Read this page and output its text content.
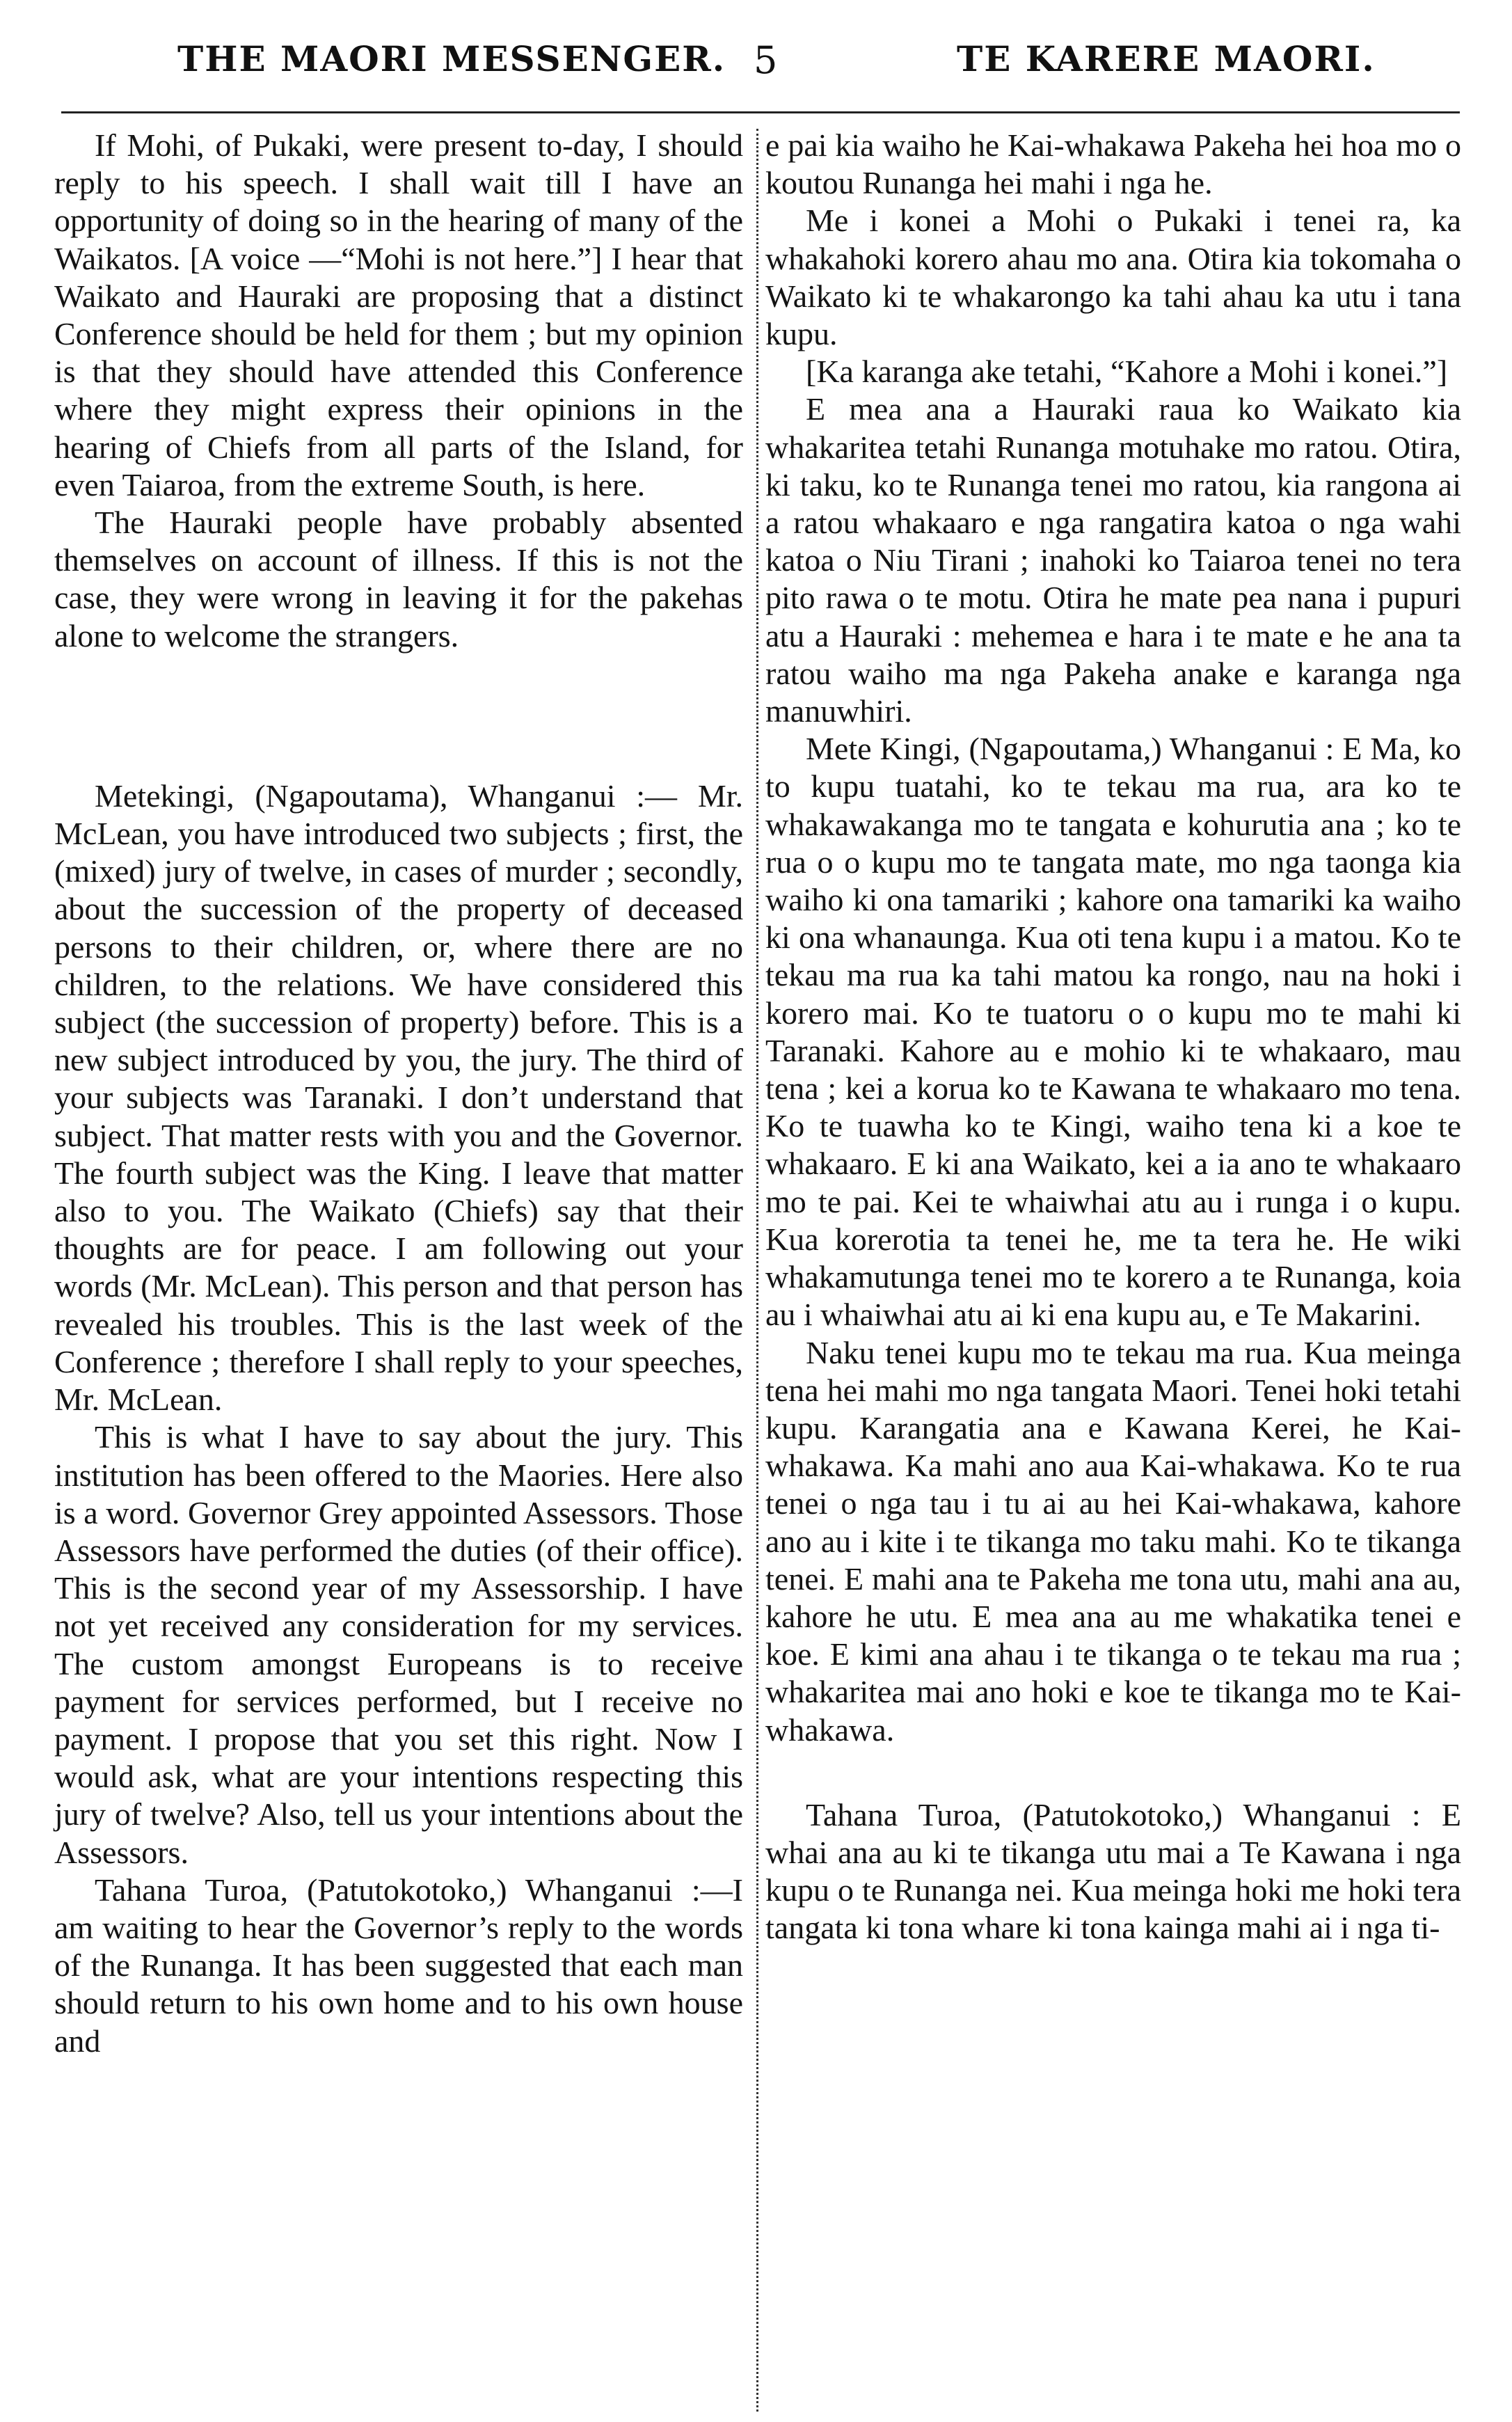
THE MAORI MESSENGER. 5	TE KARERE MAORI.

If Mohi, of Pukaki, were present to-day, I should reply to his speech. I shall wait till I have an opportunity of doing so in the hearing of many of the Waikatos. [A voice —“Mohi is not here.”] I hear that Waikato and Hauraki are proposing that a distinct Conference should be held for them ; but my opinion is that they should have attended this Conference where they might express their opinions in the hearing of Chiefs from all parts of the Island, for even Taiaroa, from the extreme South, is here.

The Hauraki people have probably absented themselves on account of illness. If this is not the case, they were wrong in leaving it for the pakehas alone to welcome the strangers.

Metekingi, (Ngapoutama), Whanganui :— Mr. McLean, you have introduced two subjects ; first, the (mixed) jury of twelve, in cases of murder ; secondly, about the succession of the property of deceased persons to their children, or, where there are no children, to the relations. We have considered this subject (the succession of property) before. This is a new subject introduced by you, the jury. The third of your subjects was Taranaki. I don’t understand that subject. That matter rests with you and the Governor. The fourth subject was the King. I leave that matter also to you. The Waikato (Chiefs) say that their thoughts are for peace. I am following out your words (Mr. McLean). This person and that person has revealed his troubles. This is the last week of the Conference ; therefore I shall reply to your speeches, Mr. McLean.

This is what I have to say about the jury. This institution has been offered to the Maories. Here also is a word. Governor Grey appointed Assessors. Those Assessors have performed the duties (of their office). This is the second year of my Assessorship. I have not yet received any consideration for my services. The custom amongst Europeans is to receive payment for services performed, but I receive no payment. I propose that you set this right. Now I would ask, what are your intentions respecting this jury of twelve? Also, tell us your intentions about the Assessors.

Tahana Turoa, (Patutokotoko,) Whanganui :—I am waiting to hear the Governor’s reply to the words of the Runanga. It has been suggested that each man should return to his own home and to his own house and

e pai kia waiho he Kai-whakawa Pakeha hei hoa mo o koutou Runanga hei mahi i nga he.

Me i konei a Mohi o Pukaki i tenei ra, ka whakahoki korero ahau mo ana. Otira kia tokomaha o Waikato ki te whakarongo ka tahi ahau ka utu i tana kupu.

[Ka karanga ake tetahi, “Kahore a Mohi i konei.”]

E mea ana a Hauraki raua ko Waikato kia whakaritea tetahi Runanga motuhake mo ratou. Otira, ki taku, ko te Runanga tenei mo ratou, kia rangona ai a ratou whakaaro e nga rangatira katoa o nga wahi katoa o Niu Tirani ; inahoki ko Taiaroa tenei no tera pito rawa o te motu. Otira he mate pea nana i pupuri atu a Hauraki : mehemea e hara i te mate e he ana ta ratou waiho ma nga Pakeha anake e karanga nga manuwhiri.

Mete Kingi, (Ngapoutama,) Whanganui : E Ma, ko to kupu tuatahi, ko te tekau ma rua, ara ko te whakawakanga mo te tangata e kohurutia ana ; ko te rua o o kupu mo te tangata mate, mo nga taonga kia waiho ki ona tamariki ; kahore ona tamariki ka waiho ki ona whanaunga. Kua oti tena kupu i a matou. Ko te tekau ma rua ka tahi matou ka rongo, nau na hoki i korero mai. Ko te tuatoru o o kupu mo te mahi ki Taranaki. Kahore au e mohio ki te whakaaro, mau tena ; kei a korua ko te Kawana te whakaaro mo tena. Ko te tuawha ko te Kingi, waiho tena ki a koe te whakaaro. E ki ana Waikato, kei a ia ano te whakaaro mo te pai. Kei te whaiwhai atu au i runga i o kupu. Kua korerotia ta tenei he, me ta tera he. He wiki whakamutunga tenei mo te korero a te Runanga, koia au i whaiwhai atu ai ki ena kupu au, e Te Makarini.

Naku tenei kupu mo te tekau ma rua. Kua meinga tena hei mahi mo nga tangata Maori. Tenei hoki tetahi kupu. Karangatia ana e Kawana Kerei, he Kai-whakawa. Ka mahi ano aua Kai-whakawa. Ko te rua tenei o nga tau i tu ai au hei Kai-whakawa, kahore ano au i kite i te tikanga mo taku mahi. Ko te tikanga tenei. E mahi ana te Pakeha me tona utu, mahi ana au, kahore he utu. E mea ana au me whakatika tenei e koe. E kimi ana ahau i te tikanga o te tekau ma rua ; whakaritea mai ano hoki e koe te tikanga mo te Kai-whakawa.

Tahana Turoa, (Patutokotoko,) Whanganui : E whai ana au ki te tikanga utu mai a Te Kawana i nga kupu o te Runanga nei. Kua meinga hoki me hoki tera tangata ki tona whare ki tona kainga mahi ai i nga ti-
